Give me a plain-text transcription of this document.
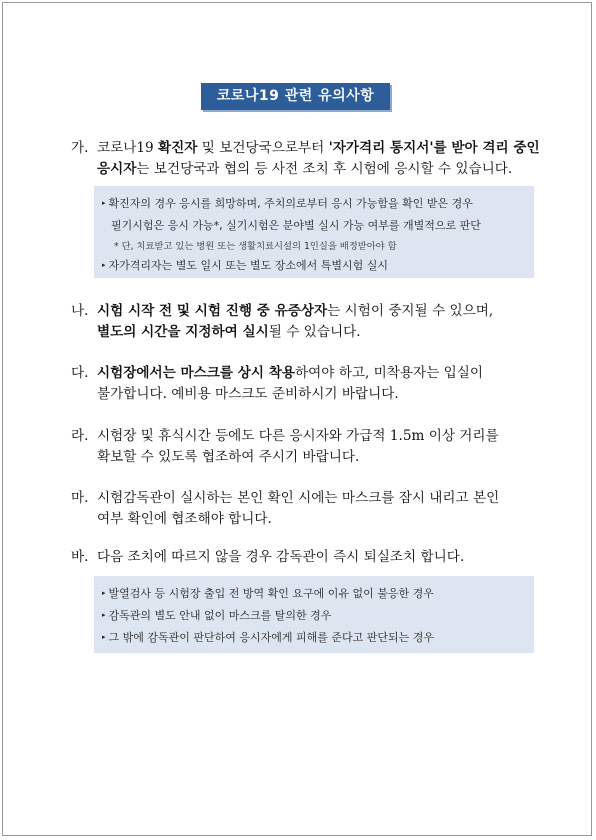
코로나19 관련 유의사항
가. 코로나19 확진자 및 보건당국으로부터 '자가격리 통지서'를 받아 격리 중인
응시자는 보건당국과 협의 등 사전 조치 후 시험에 응시할 수 있습니다.
▸ 확진자의 경우 응시를 희망하며, 주치의로부터 응시 가능함을 확인 받은 경우
필기시험은 응시 가능*, 실기시험은 분야별 실시 가능 여부를 개별적으로 판단
* 단, 치료받고 있는 병원 또는 생활치료시설의 1인실을 배정받아야 함
▸ 자가격리자는 별도 일시 또는 별도 장소에서 특별시험 실시
나. 시험 시작 전 및 시험 진행 중 유증상자는 시험이 중지될 수 있으며,
별도의 시간을 지정하여 실시될 수 있습니다.
다. 시험장에서는 마스크를 상시 착용하여야 하고, 미착용자는 입실이
불가합니다. 예비용 마스크도 준비하시기 바랍니다.
라. 시험장 및 휴식시간 등에도 다른 응시자와 가급적 1.5m 이상 거리를
확보할 수 있도록 협조하여 주시기 바랍니다.
마. 시험감독관이 실시하는 본인 확인 시에는 마스크를 잠시 내리고 본인
여부 확인에 협조해야 합니다.
바. 다음 조치에 따르지 않을 경우 감독관이 즉시 퇴실조치 합니다.
▸ 발열검사 등 시험장 출입 전 방역 확인 요구에 이유 없이 불응한 경우
▸ 감독관의 별도 안내 없이 마스크를 탈의한 경우
▸ 그 밖에 감독관이 판단하여 응시자에게 피해를 준다고 판단되는 경우
